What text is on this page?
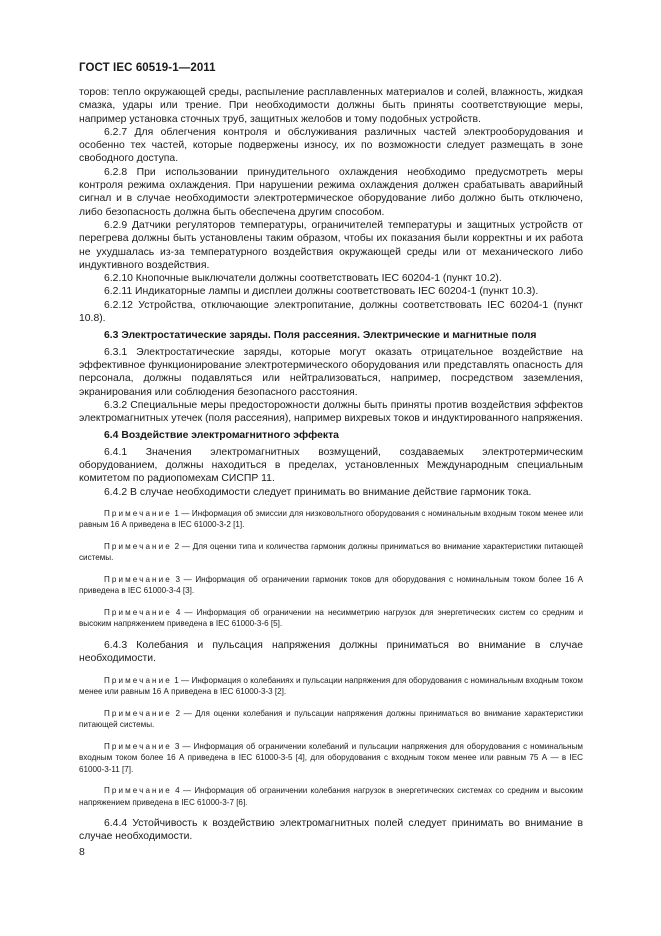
ГОСТ IEC 60519-1—2011

торов: тепло окружающей среды, распыление расплавленных материалов и солей, влажность, жидкая смазка, удары или трение. При необходимости должны быть приняты соответствующие меры, например установка сточных труб, защитных желобов и тому подобных устройств.

6.2.7 Для облегчения контроля и обслуживания различных частей электрооборудования и особенно тех частей, которые подвержены износу, их по возможности следует размещать в зоне свободного доступа.

6.2.8 При использовании принудительного охлаждения необходимо предусмотреть меры контроля режима охлаждения. При нарушении режима охлаждения должен срабатывать аварийный сигнал и в случае необходимости электротермическое оборудование либо должно быть отключено, либо безопасность должна быть обеспечена другим способом.

6.2.9 Датчики регуляторов температуры, ограничителей температуры и защитных устройств от перегрева должны быть установлены таким образом, чтобы их показания были корректны и их работа не ухудшалась из-за температурного воздействия окружающей среды или от механического либо индуктивного воздействия.

6.2.10 Кнопочные выключатели должны соответствовать IEC 60204-1 (пункт 10.2).

6.2.11 Индикаторные лампы и дисплеи должны соответствовать IEC 60204-1 (пункт 10.3).

6.2.12 Устройства, отключающие электропитание, должны соответствовать IEC 60204-1 (пункт 10.8).

6.3 Электростатические заряды. Поля рассеяния. Электрические и магнитные поля

6.3.1 Электростатические заряды, которые могут оказать отрицательное воздействие на эффективное функционирование электротермического оборудования или представлять опасность для персонала, должны подавляться или нейтрализоваться, например, посредством заземления, экранирования или соблюдения безопасного расстояния.

6.3.2 Специальные меры предосторожности должны быть приняты против воздействия эффектов электромагнитных утечек (поля рассеяния), например вихревых токов и индуктированного напряжения.

6.4 Воздействие электромагнитного эффекта

6.4.1 Значения электромагнитных возмущений, создаваемых электротермическим оборудованием, должны находиться в пределах, установленных Международным специальным комитетом по радиопомехам СИСПР 11.

6.4.2 В случае необходимости следует принимать во внимание действие гармоник тока.

Примечание 1 — Информация об эмиссии для низковольтного оборудования с номинальным входным током менее или равным 16 А приведена в IEC 61000-3-2 [1].

Примечание 2 — Для оценки типа и количества гармоник должны приниматься во внимание характеристики питающей системы.

Примечание 3 — Информация об ограничении гармоник токов для оборудования с номинальным током более 16 А приведена в IEC 61000-3-4 [3].

Примечание 4 — Информация об ограничении на несимметрию нагрузок для энергетических систем со средним и высоким напряжением приведена в IEC 61000-3-6 [5].

6.4.3 Колебания и пульсация напряжения должны приниматься во внимание в случае необходимости.

Примечание 1 — Информация о колебаниях и пульсации напряжения для оборудования с номинальным входным током менее или равным 16 А приведена в IEC 61000-3-3 [2].

Примечание 2 — Для оценки колебания и пульсации напряжения должны приниматься во внимание характеристики питающей системы.

Примечание 3 — Информация об ограничении колебаний и пульсации напряжения для оборудования с номинальным входным током более 16 А приведена в IEC 61000-3-5 [4], для оборудования с входным током менее или равным 75 А — в IEC 61000-3-11 [7].

Примечание 4 — Информация об ограничении колебания нагрузок в энергетических системах со средним и высоким напряжением приведена в IEC 61000-3-7 [6].

6.4.4 Устойчивость к воздействию электромагнитных полей следует принимать во внимание в случае необходимости.

8
